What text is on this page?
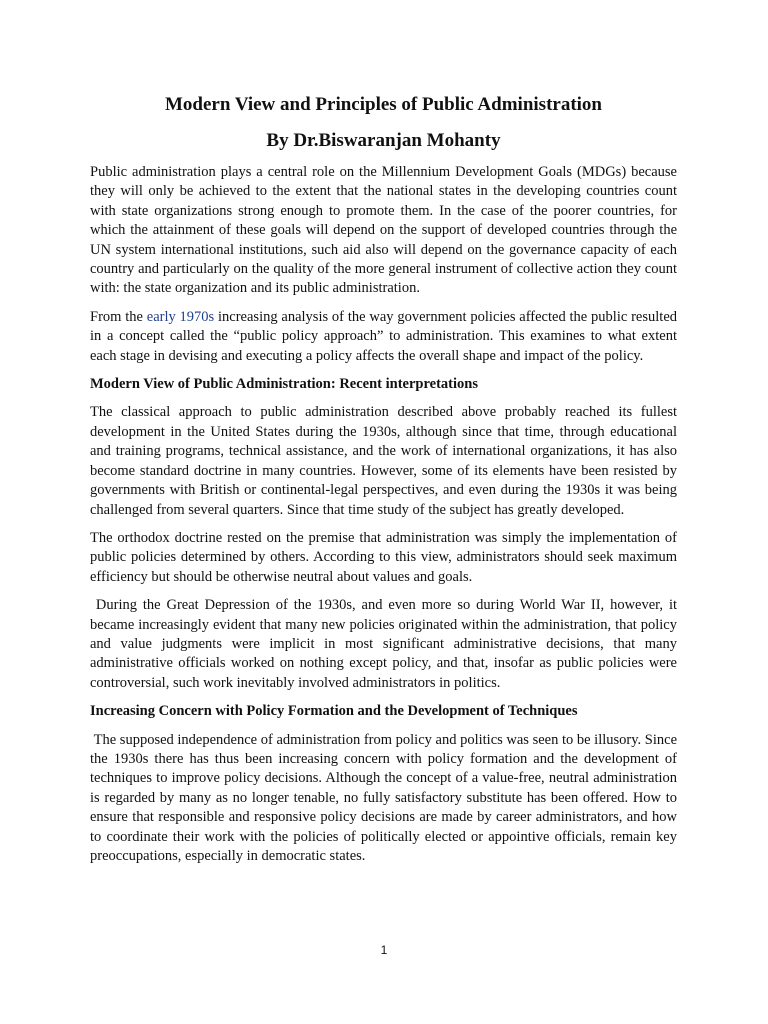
Modern View and Principles of Public Administration
By Dr.Biswaranjan Mohanty

Public administration plays a central role on the Millennium Development Goals (MDGs) because they will only be achieved to the extent that the national states in the developing countries count with state organizations strong enough to promote them. In the case of the poorer countries, for which the attainment of these goals will depend on the support of developed countries through the UN system international institutions, such aid also will depend on the governance capacity of each country and particularly on the quality of the more general instrument of collective action they count with: the state organization and its public administration.

From the early 1970s increasing analysis of the way government policies affected the public resulted in a concept called the “public policy approach” to administration. This examines to what extent each stage in devising and executing a policy affects the overall shape and impact of the policy.

Modern View of Public Administration: Recent interpretations

The classical approach to public administration described above probably reached its fullest development in the United States during the 1930s, although since that time, through educational and training programs, technical assistance, and the work of international organizations, it has also become standard doctrine in many countries. However, some of its elements have been resisted by governments with British or continental-legal perspectives, and even during the 1930s it was being challenged from several quarters. Since that time study of the subject has greatly developed.

The orthodox doctrine rested on the premise that administration was simply the implementation of public policies determined by others. According to this view, administrators should seek maximum efficiency but should be otherwise neutral about values and goals.

During the Great Depression of the 1930s, and even more so during World War II, however, it became increasingly evident that many new policies originated within the administration, that policy and value judgments were implicit in most significant administrative decisions, that many administrative officials worked on nothing except policy, and that, insofar as public policies were controversial, such work inevitably involved administrators in politics.

Increasing Concern with Policy Formation and the Development of Techniques

The supposed independence of administration from policy and politics was seen to be illusory. Since the 1930s there has thus been increasing concern with policy formation and the development of techniques to improve policy decisions. Although the concept of a value-free, neutral administration is regarded by many as no longer tenable, no fully satisfactory substitute has been offered. How to ensure that responsible and responsive policy decisions are made by career administrators, and how to coordinate their work with the policies of politically elected or appointive officials, remain key preoccupations, especially in democratic states.

1
